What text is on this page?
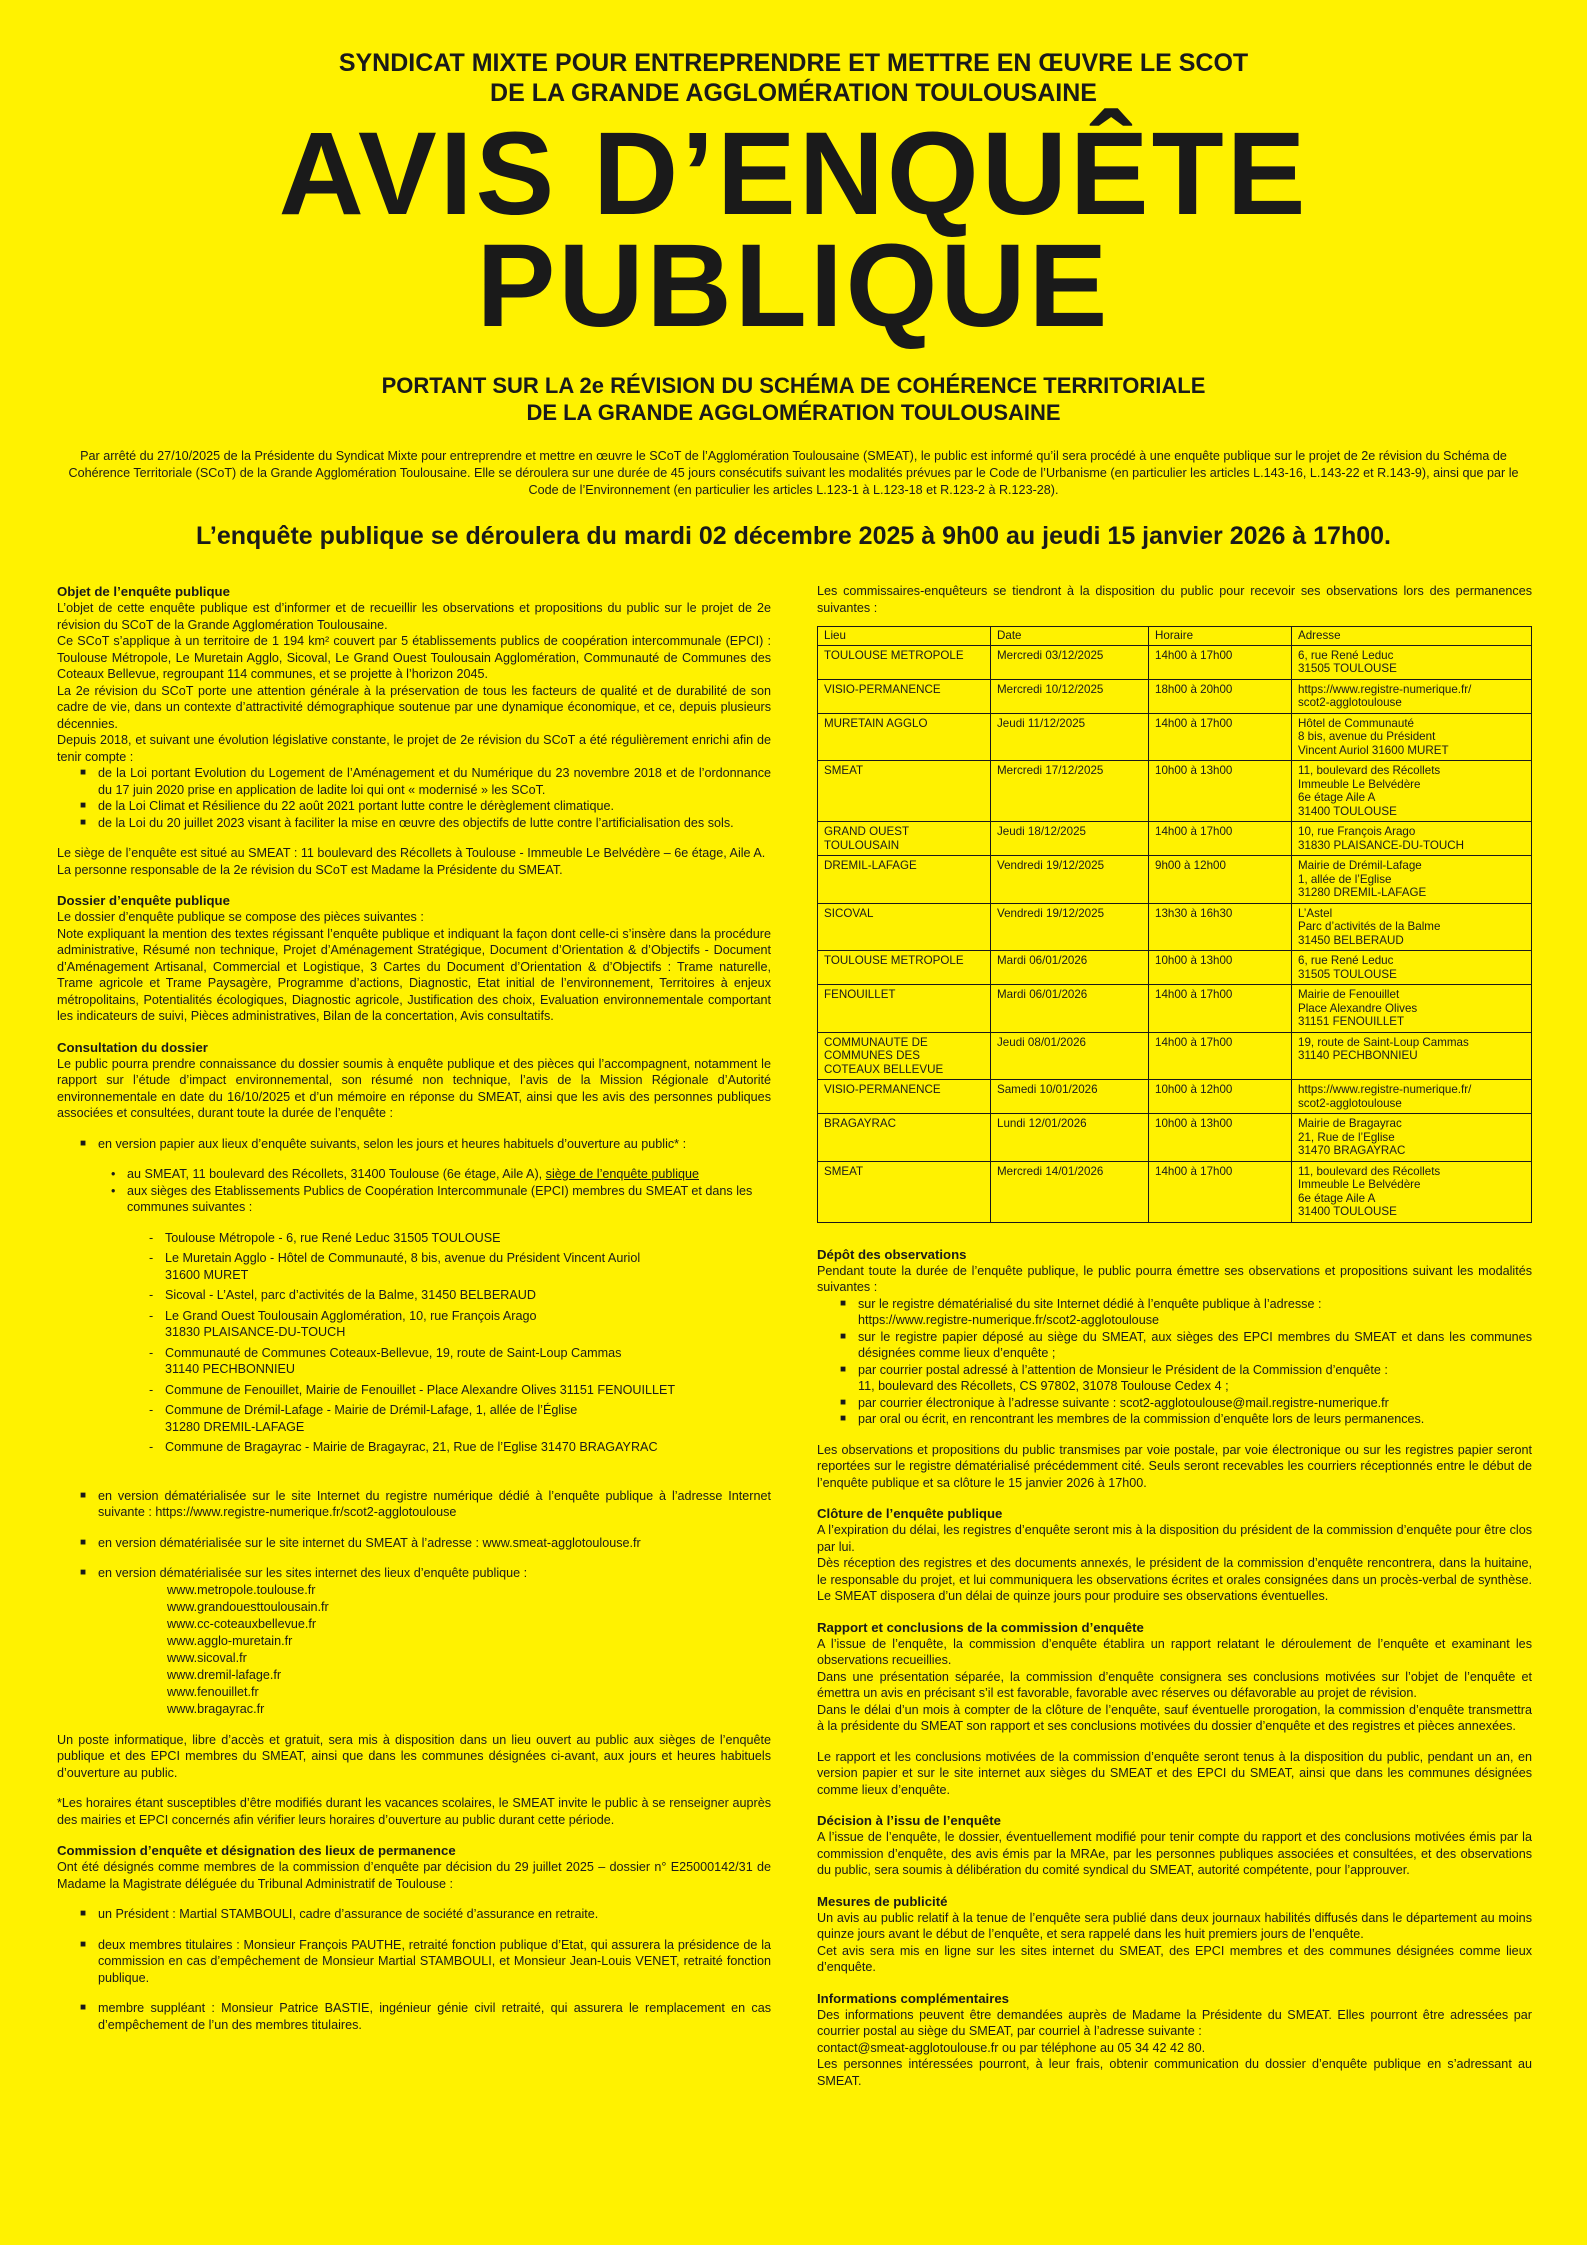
SYNDICAT MIXTE POUR ENTREPRENDRE ET METTRE EN ŒUVRE LE SCOT
DE LA GRANDE AGGLOMÉRATION TOULOUSAINE
AVIS D’ENQUÊTE
PUBLIQUE
PORTANT SUR LA 2e RÉVISION DU SCHÉMA DE COHÉRENCE TERRITORIALE
DE LA GRANDE AGGLOMÉRATION TOULOUSAINE

Par arrêté du 27/10/2025 de la Présidente du Syndicat Mixte pour entreprendre et mettre en œuvre le SCoT de l’Agglomération Toulousaine (SMEAT), le public est informé qu’il sera procédé à une enquête publique sur le projet de 2e révision du Schéma de Cohérence Territoriale (SCoT) de la Grande Agglomération Toulousaine. Elle se déroulera sur une durée de 45 jours consécutifs suivant les modalités prévues par le Code de l’Urbanisme (en particulier les articles L.143-16, L.143-22 et R.143-9), ainsi que par le Code de l’Environnement (en particulier les articles L.123-1 à L.123-18 et R.123-2 à R.123-28).

L’enquête publique se déroulera du mardi 02 décembre 2025 à 9h00 au jeudi 15 janvier 2026 à 17h00.

Objet de l’enquête publique

L’objet de cette enquête publique est d’informer et de recueillir les observations et propositions du public sur le projet de 2e révision du SCoT de la Grande Agglomération Toulousaine.

Ce SCoT s’applique à un territoire de 1 194 km² couvert par 5 établissements publics de coopération intercommunale (EPCI) : Toulouse Métropole, Le Muretain Agglo, Sicoval, Le Grand Ouest Toulousain Agglomération, Communauté de Communes des Coteaux Bellevue, regroupant 114 communes, et se projette à l’horizon 2045.

La 2e révision du SCoT porte une attention générale à la préservation de tous les facteurs de qualité et de durabilité de son cadre de vie, dans un contexte d’attractivité démographique soutenue par une dynamique économique, et ce, depuis plusieurs décennies.

Depuis 2018, et suivant une évolution législative constante, le projet de 2e révision du SCoT a été régulièrement enrichi afin de tenir compte :

■ de la Loi portant Evolution du Logement de l’Aménagement et du Numérique du 23 novembre 2018 et de l’ordonnance du 17 juin 2020 prise en application de ladite loi qui ont « modernisé » les SCoT.
■ de la Loi Climat et Résilience du 22 août 2021 portant lutte contre le dérèglement climatique.
■ de la Loi du 20 juillet 2023 visant à faciliter la mise en œuvre des objectifs de lutte contre l’artificialisation des sols.

Le siège de l’enquête est situé au SMEAT : 11 boulevard des Récollets à Toulouse - Immeuble Le Belvédère – 6e étage, Aile A.

La personne responsable de la 2e révision du SCoT est Madame la Présidente du SMEAT.

Dossier d’enquête publique

Le dossier d’enquête publique se compose des pièces suivantes :

Note expliquant la mention des textes régissant l’enquête publique et indiquant la façon dont celle-ci s’insère dans la procédure administrative, Résumé non technique, Projet d’Aménagement Stratégique, Document d’Orientation & d’Objectifs - Document d’Aménagement Artisanal, Commercial et Logistique, 3 Cartes du Document d’Orientation & d’Objectifs : Trame naturelle, Trame agricole et Trame Paysagère, Programme d’actions, Diagnostic, Etat initial de l’environnement, Territoires à enjeux métropolitains, Potentialités écologiques, Diagnostic agricole, Justification des choix, Evaluation environnementale comportant les indicateurs de suivi, Pièces administratives, Bilan de la concertation, Avis consultatifs.

Consultation du dossier

Le public pourra prendre connaissance du dossier soumis à enquête publique et des pièces qui l’accompagnent, notamment le rapport sur l’étude d’impact environnemental, son résumé non technique, l’avis de la Mission Régionale d’Autorité environnementale en date du 16/10/2025 et d’un mémoire en réponse du SMEAT, ainsi que les avis des personnes publiques associées et consultées, durant toute la durée de l’enquête :

■ en version papier aux lieux d’enquête suivants, selon les jours et heures habituels d’ouverture au public* :
• au SMEAT, 11 boulevard des Récollets, 31400 Toulouse (6e étage, Aile A), siège de l’enquête publique
• aux sièges des Etablissements Publics de Coopération Intercommunale (EPCI) membres du SMEAT et dans les communes suivantes :
- Toulouse Métropole - 6, rue René Leduc 31505 TOULOUSE
- Le Muretain Agglo - Hôtel de Communauté, 8 bis, avenue du Président Vincent Auriol
31600 MURET
- Sicoval - L’Astel, parc d’activités de la Balme, 31450 BELBERAUD
- Le Grand Ouest Toulousain Agglomération, 10, rue François Arago
31830 PLAISANCE-DU-TOUCH
- Communauté de Communes Coteaux-Bellevue, 19, route de Saint-Loup Cammas
31140 PECHBONNIEU
- Commune de Fenouillet, Mairie de Fenouillet - Place Alexandre Olives 31151 FENOUILLET
- Commune de Drémil-Lafage - Mairie de Drémil-Lafage, 1, allée de l’Église
31280 DREMIL-LAFAGE
- Commune de Bragayrac - Mairie de Bragayrac, 21, Rue de l’Eglise 31470 BRAGAYRAC
■ en version dématérialisée sur le site Internet du registre numérique dédié à l’enquête publique à l’adresse Internet suivante : https://www.registre-numerique.fr/scot2-agglotoulouse
■ en version dématérialisée sur le site internet du SMEAT à l’adresse : www.smeat-agglotoulouse.fr
■ en version dématérialisée sur les sites internet des lieux d’enquête publique :
www.metropole.toulouse.fr
www.grandouesttoulousain.fr
www.cc-coteauxbellevue.fr
www.agglo-muretain.fr
www.sicoval.fr
www.dremil-lafage.fr
www.fenouillet.fr
www.bragayrac.fr

Un poste informatique, libre d’accès et gratuit, sera mis à disposition dans un lieu ouvert au public aux sièges de l’enquête publique et des EPCI membres du SMEAT, ainsi que dans les communes désignées ci-avant, aux jours et heures habituels d’ouverture au public.

*Les horaires étant susceptibles d’être modifiés durant les vacances scolaires, le SMEAT invite le public à se renseigner auprès des mairies et EPCI concernés afin vérifier leurs horaires d’ouverture au public durant cette période.

Commission d’enquête et désignation des lieux de permanence

Ont été désignés comme membres de la commission d’enquête par décision du 29 juillet 2025 – dossier n° E25000142/31 de Madame la Magistrate déléguée du Tribunal Administratif de Toulouse :

■ un Président : Martial STAMBOULI, cadre d’assurance de société d’assurance en retraite.
■ deux membres titulaires : Monsieur François PAUTHE, retraité fonction publique d’Etat, qui assurera la présidence de la commission en cas d’empêchement de Monsieur Martial STAMBOULI, et Monsieur Jean-Louis VENET, retraité fonction publique.
■ membre suppléant : Monsieur Patrice BASTIE, ingénieur génie civil retraité, qui assurera le remplacement en cas d’empêchement de l’un des membres titulaires.

Les commissaires-enquêteurs se tiendront à la disposition du public pour recevoir ses observations lors des permanences suivantes :

Lieu	Date	Horaire	Adresse
TOULOUSE METROPOLE	Mercredi 03/12/2025	14h00 à 17h00	6, rue René Leduc
31505 TOULOUSE
VISIO-PERMANENCE	Mercredi 10/12/2025	18h00 à 20h00	https://www.registre-numerique.fr/
scot2-agglotoulouse
MURETAIN AGGLO	Jeudi 11/12/2025	14h00 à 17h00	Hôtel de Communauté
8 bis, avenue du Président
Vincent Auriol 31600 MURET
SMEAT	Mercredi 17/12/2025	10h00 à 13h00	11, boulevard des Récollets
Immeuble Le Belvédère
6e étage Aile A
31400 TOULOUSE
GRAND OUEST
TOULOUSAIN	Jeudi 18/12/2025	14h00 à 17h00	10, rue François Arago
31830 PLAISANCE-DU-TOUCH
DREMIL-LAFAGE	Vendredi 19/12/2025	9h00 à 12h00	Mairie de Drémil-Lafage
1, allée de l’Eglise
31280 DREMIL-LAFAGE
SICOVAL	Vendredi 19/12/2025	13h30 à 16h30	L’Astel
Parc d’activités de la Balme
31450 BELBERAUD
TOULOUSE METROPOLE	Mardi 06/01/2026	10h00 à 13h00	6, rue René Leduc
31505 TOULOUSE
FENOUILLET	Mardi 06/01/2026	14h00 à 17h00	Mairie de Fenouillet
Place Alexandre Olives
31151 FENOUILLET
COMMUNAUTE DE
COMMUNES DES
COTEAUX BELLEVUE	Jeudi 08/01/2026	14h00 à 17h00	19, route de Saint-Loup Cammas
31140 PECHBONNIEU
VISIO-PERMANENCE	Samedi 10/01/2026	10h00 à 12h00	https://www.registre-numerique.fr/
scot2-agglotoulouse
BRAGAYRAC	Lundi 12/01/2026	10h00 à 13h00	Mairie de Bragayrac
21, Rue de l’Eglise
31470 BRAGAYRAC
SMEAT	Mercredi 14/01/2026	14h00 à 17h00	11, boulevard des Récollets
Immeuble Le Belvédère
6e étage Aile A
31400 TOULOUSE
Dépôt des observations

Pendant toute la durée de l’enquête publique, le public pourra émettre ses observations et propositions suivant les modalités suivantes :

■ sur le registre dématérialisé du site Internet dédié à l’enquête publique à l’adresse :
https://www.registre-numerique.fr/scot2-agglotoulouse
■ sur le registre papier déposé au siège du SMEAT, aux sièges des EPCI membres du SMEAT et dans les communes désignées comme lieux d’enquête ;
■ par courrier postal adressé à l’attention de Monsieur le Président de la Commission d’enquête :
11, boulevard des Récollets, CS 97802, 31078 Toulouse Cedex 4 ;
■ par courrier électronique à l’adresse suivante : scot2-agglotoulouse@mail.registre-numerique.fr
■ par oral ou écrit, en rencontrant les membres de la commission d’enquête lors de leurs permanences.

Les observations et propositions du public transmises par voie postale, par voie électronique ou sur les registres papier seront reportées sur le registre dématérialisé précédemment cité. Seuls seront recevables les courriers réceptionnés entre le début de l’enquête publique et sa clôture le 15 janvier 2026 à 17h00.

Clôture de l’enquête publique

A l’expiration du délai, les registres d’enquête seront mis à la disposition du président de la commission d’enquête pour être clos par lui.

Dès réception des registres et des documents annexés, le président de la commission d’enquête rencontrera, dans la huitaine, le responsable du projet, et lui communiquera les observations écrites et orales consignées dans un procès-verbal de synthèse. Le SMEAT disposera d’un délai de quinze jours pour produire ses observations éventuelles.

Rapport et conclusions de la commission d’enquête

A l’issue de l’enquête, la commission d’enquête établira un rapport relatant le déroulement de l’enquête et examinant les observations recueillies.

Dans une présentation séparée, la commission d’enquête consignera ses conclusions motivées sur l’objet de l’enquête et émettra un avis en précisant s’il est favorable, favorable avec réserves ou défavorable au projet de révision.

Dans le délai d’un mois à compter de la clôture de l’enquête, sauf éventuelle prorogation, la commission d’enquête transmettra à la présidente du SMEAT son rapport et ses conclusions motivées du dossier d’enquête et des registres et pièces annexées.

Le rapport et les conclusions motivées de la commission d’enquête seront tenus à la disposition du public, pendant un an, en version papier et sur le site internet aux sièges du SMEAT et des EPCI du SMEAT, ainsi que dans les communes désignées comme lieux d’enquête.

Décision à l’issu de l’enquête

A l’issue de l’enquête, le dossier, éventuellement modifié pour tenir compte du rapport et des conclusions motivées émis par la commission d’enquête, des avis émis par la MRAe, par les personnes publiques associées et consultées, et des observations du public, sera soumis à délibération du comité syndical du SMEAT, autorité compétente, pour l’approuver.

Mesures de publicité

Un avis au public relatif à la tenue de l’enquête sera publié dans deux journaux habilités diffusés dans le département au moins quinze jours avant le début de l’enquête, et sera rappelé dans les huit premiers jours de l’enquête.

Cet avis sera mis en ligne sur les sites internet du SMEAT, des EPCI membres et des communes désignées comme lieux d’enquête.

Informations complémentaires

Des informations peuvent être demandées auprès de Madame la Présidente du SMEAT. Elles pourront être adressées par courrier postal au siège du SMEAT, par courriel à l’adresse suivante :

contact@smeat-agglotoulouse.fr ou par téléphone au 05 34 42 42 80.

Les personnes intéressées pourront, à leur frais, obtenir communication du dossier d’enquête publique en s’adressant au SMEAT.
